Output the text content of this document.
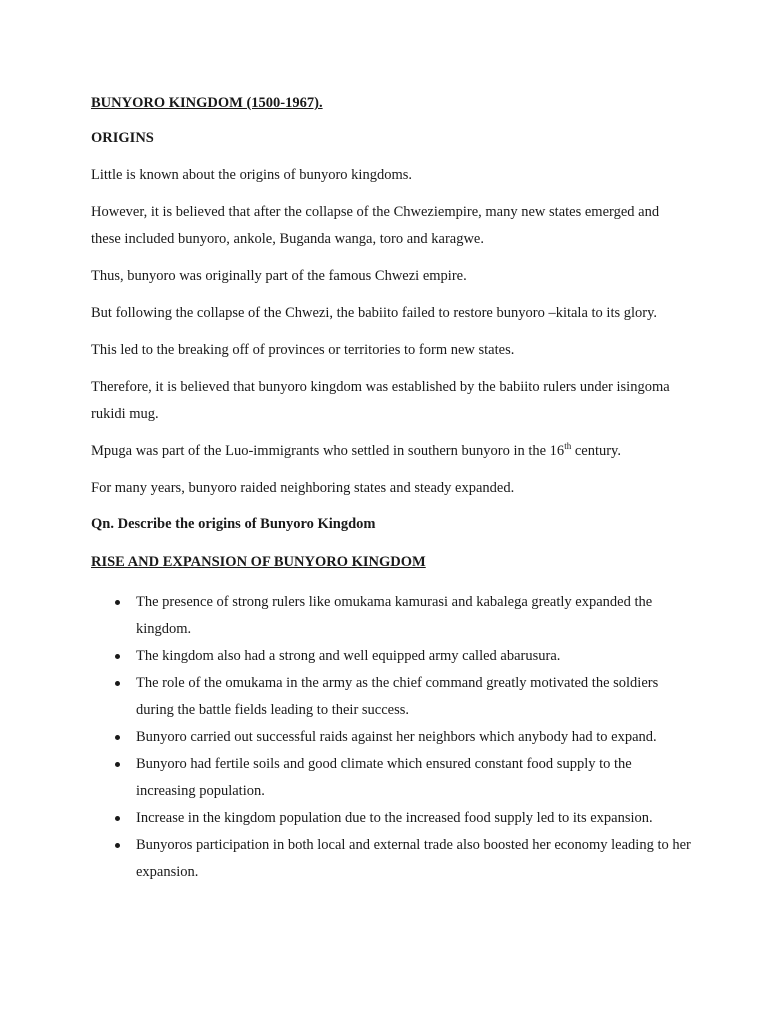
BUNYORO KINGDOM (1500-1967).

ORIGINS

Little is known about the origins of bunyoro kingdoms.

However, it is believed that after the collapse of the Chweziempire, many new states emerged and these included bunyoro, ankole, Buganda wanga, toro and karagwe.

Thus, bunyoro was originally part of the famous Chwezi empire.

But following the collapse of the Chwezi, the babiito failed to restore bunyoro –kitala to its glory.

This led to the breaking off of provinces or territories to form new states.

Therefore, it is believed that bunyoro kingdom was established by the babiito rulers under isingoma rukidi mug.

Mpuga was part of the Luo-immigrants who settled in southern bunyoro in the 16th century.

For many years, bunyoro raided neighboring states and steady expanded.

Qn. Describe the origins of Bunyoro Kingdom

RISE AND EXPANSION OF BUNYORO KINGDOM

The presence of strong rulers like omukama kamurasi and kabalega greatly expanded the kingdom.
The kingdom also had a strong and well equipped army called abarusura.
The role of the omukama in the army as the chief command greatly motivated the soldiers during the battle fields leading to their success.
Bunyoro carried out successful raids against her neighbors which anybody had to expand.
Bunyoro had fertile soils and good climate which ensured constant food supply to the increasing population.
Increase in the kingdom population due to the increased food supply led to its expansion.
Bunyoros participation in both local and external trade also boosted her economy leading to her expansion.
